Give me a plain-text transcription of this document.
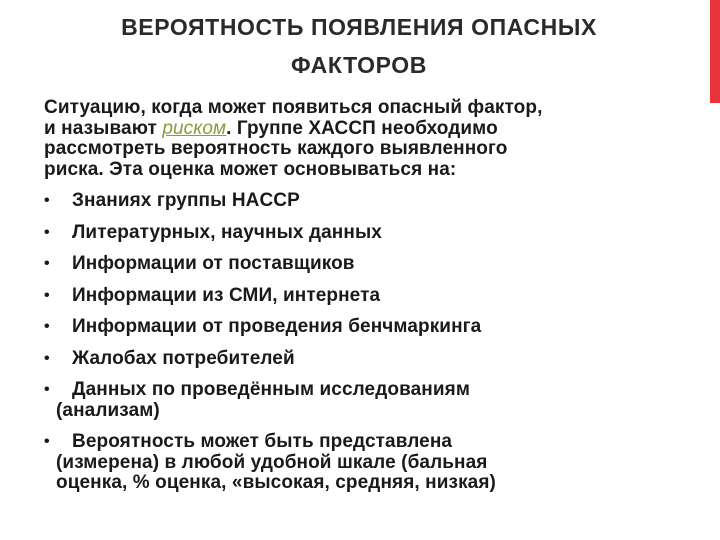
ВЕРОЯТНОСТЬ ПОЯВЛЕНИЯ ОПАСНЫХ
ФАКТОРОВ

Ситуацию, когда может появиться опасный фактор,
и называют риском. Группе ХАССП необходимо
рассмотреть вероятность каждого выявленного
риска. Эта оценка может основываться на:

• Знаниях группы HACCP
• Литературных, научных данных
• Информации от поставщиков
• Информации из СМИ, интернета
• Информации от проведения бенчмаркинга
• Жалобах потребителей
• Данных по проведённым исследованиям
(анализам)
• Вероятность может быть представлена
(измерена) в любой удобной шкале (бальная
оценка, % оценка, «высокая, средняя, низкая)
